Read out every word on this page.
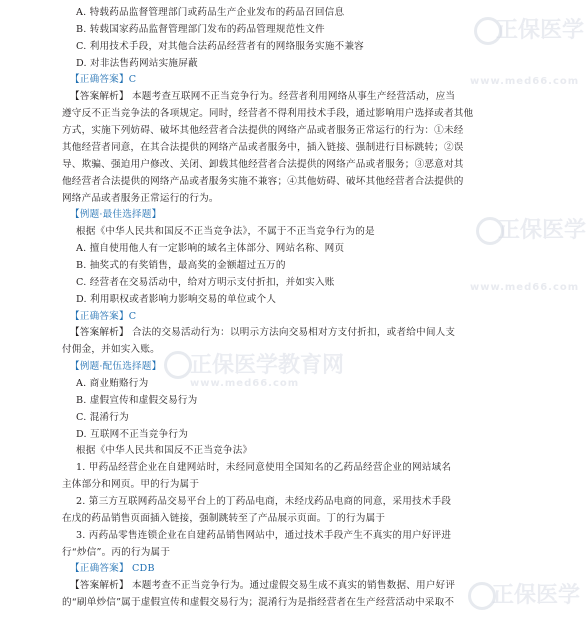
正保医学
www.med66.com
正保医学
www.med66.com
正保医学教育网
www.med66.com
正保医学

A. 特载药品监督管理部门或药品生产企业发布的药品召回信息

B. 转载国家药品监督管理部门发布的药品管理规范性文件

C. 利用技术手段，对其他合法药品经营者有的网络服务实施不兼容

D. 对非法售药网站实施屏蔽

【正确答案】C

【答案解析】 本题考查互联网不正当竞争行为。经营者利用网络从事生产经营活动，应当

遵守反不正当竞争法的各项规定。同时，经营者不得利用技术手段，通过影响用户选择或者其他

方式，实施下列妨碍、破坏其他经营者合法提供的网络产品或者服务正常运行的行为：①未经

其他经营者同意，在其合法提供的网络产品或者服务中，插入链接、强制进行目标跳转；②误

导、欺骗、强迫用户修改、关闭、卸载其他经营者合法提供的网络产品或者服务；③恶意对其

他经营者合法提供的网络产品或者服务实施不兼容；④其他妨碍、破坏其他经营者合法提供的

网络产品或者服务正常运行的行为。

【例题·最佳选择题】

根据《中华人民共和国反不正当竞争法》，不属于不正当竞争行为的是

A. 擅自使用他人有一定影响的域名主体部分、网站名称、网页

B. 抽奖式的有奖销售，最高奖的金额超过五万的

C. 经营者在交易活动中，给对方明示支付折扣，并如实入账

D. 利用职权或者影响力影响交易的单位或个人

【正确答案】C

【答案解析】 合法的交易活动行为：以明示方法向交易相对方支付折扣，或者给中间人支

付佣金，并如实入账。

【例题·配伍选择题】

A. 商业贿赂行为

B. 虚假宣传和虚假交易行为

C. 混淆行为

D. 互联网不正当竞争行为

根据《中华人民共和国反不正当竞争法》

1. 甲药品经营企业在自建网站时，未经同意使用全国知名的乙药品经营企业的网站域名

主体部分和网页。甲的行为属于

2. 第三方互联网药品交易平台上的丁药品电商，未经戊药品电商的同意，采用技术手段

在戊的药品销售页面插入链接，强制跳转至了产品展示页面。丁的行为属于

3. 丙药品零售连锁企业在自建药品销售网站中，通过技术手段产生不真实的用户好评进

行“炒信”。丙的行为属于

【正确答案】 CDB

【答案解析】 本题考查不正当竞争行为。通过虚假交易生成不真实的销售数据、用户好评

的“刷单炒信”属于虚假宣传和虚假交易行为；混淆行为是指经营者在生产经营活动中采取不
